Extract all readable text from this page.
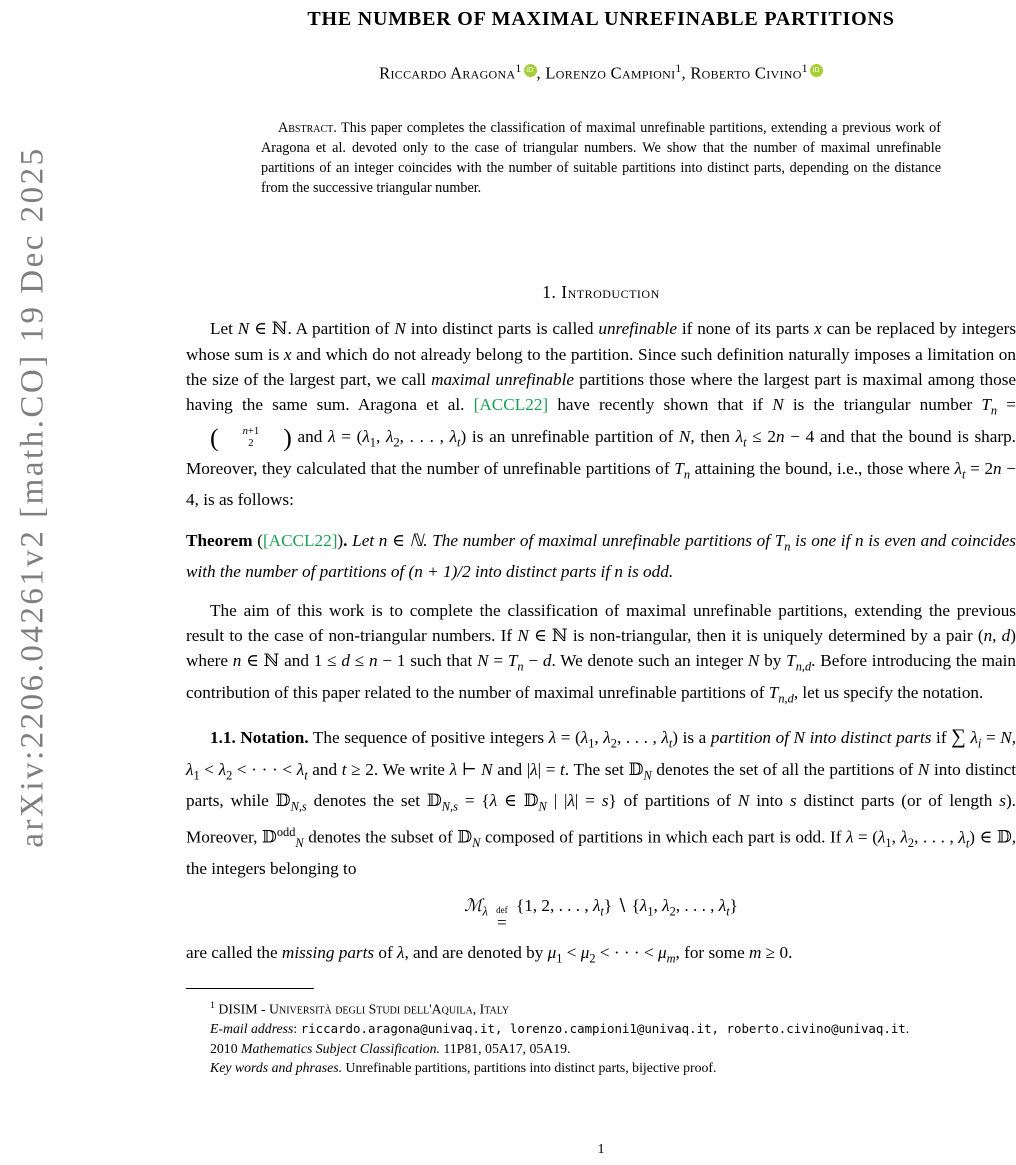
arXiv:2206.04261v2 [math.CO] 19 Dec 2025
THE NUMBER OF MAXIMAL UNREFINABLE PARTITIONS
Riccardo Aragona$^1$ iD , Lorenzo Campioni$^1$, Roberto Civino$^1$ iD
Abstract. This paper completes the classification of maximal unrefinable partitions, extending a previous work of Aragona et al. devoted only to the case of triangular numbers. We show that the number of maximal unrefinable partitions of an integer coincides with the number of suitable partitions into distinct parts, depending on the distance from the successive triangular number.
1. Introduction

Let N ∈ ℕ. A partition of N into distinct parts is called unrefinable if none of its parts x can be replaced by integers whose sum is x and which do not already belong to the partition. Since such definition naturally imposes a limitation on the size of the largest part, we call maximal unrefinable partitions those where the largest part is maximal among those having the same sum. Aragona et al. [ACCL22] have recently shown that if N is the triangular number $T_n$ =
(	n+1
2	) and $\lambda = (\lambda_1$, $\lambda_2$, . . . , $\lambda_t$) is an unrefinable partition of N, then $\lambda_t \le 2n - 4$ and that the bound is sharp. Moreover, they calculated that the number of unrefinable partitions of $T_n$ attaining the bound, i.e., those where $\lambda_t = 2n - 4$, is as follows:

Theorem ([ACCL22]). Let n ∈ ℕ. The number of maximal unrefinable partitions of $T_n$ is one if n is even and coincides with the number of partitions of (n + 1)/2 into distinct parts if n is odd.

The aim of this work is to complete the classification of maximal unrefinable partitions, extending the previous result to the case of non-triangular numbers. If N ∈ ℕ is non-triangular, then it is uniquely determined by a pair (n, d) where n ∈ ℕ and 1 ≤ d ≤ n − 1 such that $N = T_n - d$. We denote such an integer N by $T_{n,d}$. Before introducing the main contribution of this paper related to the number of maximal unrefinable partitions of $T_{n,d}$, let us specify the notation.

1.1. Notation. The sequence of positive integers $\lambda = (\lambda_1$, $\lambda_2$, . . . , $\lambda_t$) is a partition of N into distinct parts if ∑ $\lambda_i = N$, $\lambda_1 < \lambda_2$ < · · · < $\lambda_t$ and t ≥ 2. We write λ ⊢ N and |λ| = t. The set 𝔻$_N$ denotes the set of all the partitions of N into distinct parts, while 𝔻$_{N,s}$ denotes the set 𝔻$_{N,s}$ = {λ ∈ 𝔻$_N$ | |λ| = s} of partitions of N into s distinct parts (or of length s). Moreover, 𝔻$^{odd}_N$ denotes the subset of 𝔻$_N$ composed of partitions in which each part is odd. If $\lambda = (\lambda_1$, $\lambda_2$, . . . , $\lambda_t$) ∈ 𝔻, the integers belonging to

ℳ$_\lambda$ def
=
{1, 2, . . . , $\lambda_t$} ∖ {$\lambda_1$, $\lambda_2$, . . . , $\lambda_t$}

are called the missing parts of λ, and are denoted by $\mu_1 < \mu_2$ < · · · < $\mu_m$, for some m ≥ 0.

$^1$ DISIM - Università degli Studi dell'Aquila, Italy

E-mail address: riccardo.aragona@univaq.it, lorenzo.campioni1@univaq.it, roberto.civino@univaq.it.

2010 Mathematics Subject Classification. 11P81, 05A17, 05A19.

Key words and phrases. Unrefinable partitions, partitions into distinct parts, bijective proof.

1
